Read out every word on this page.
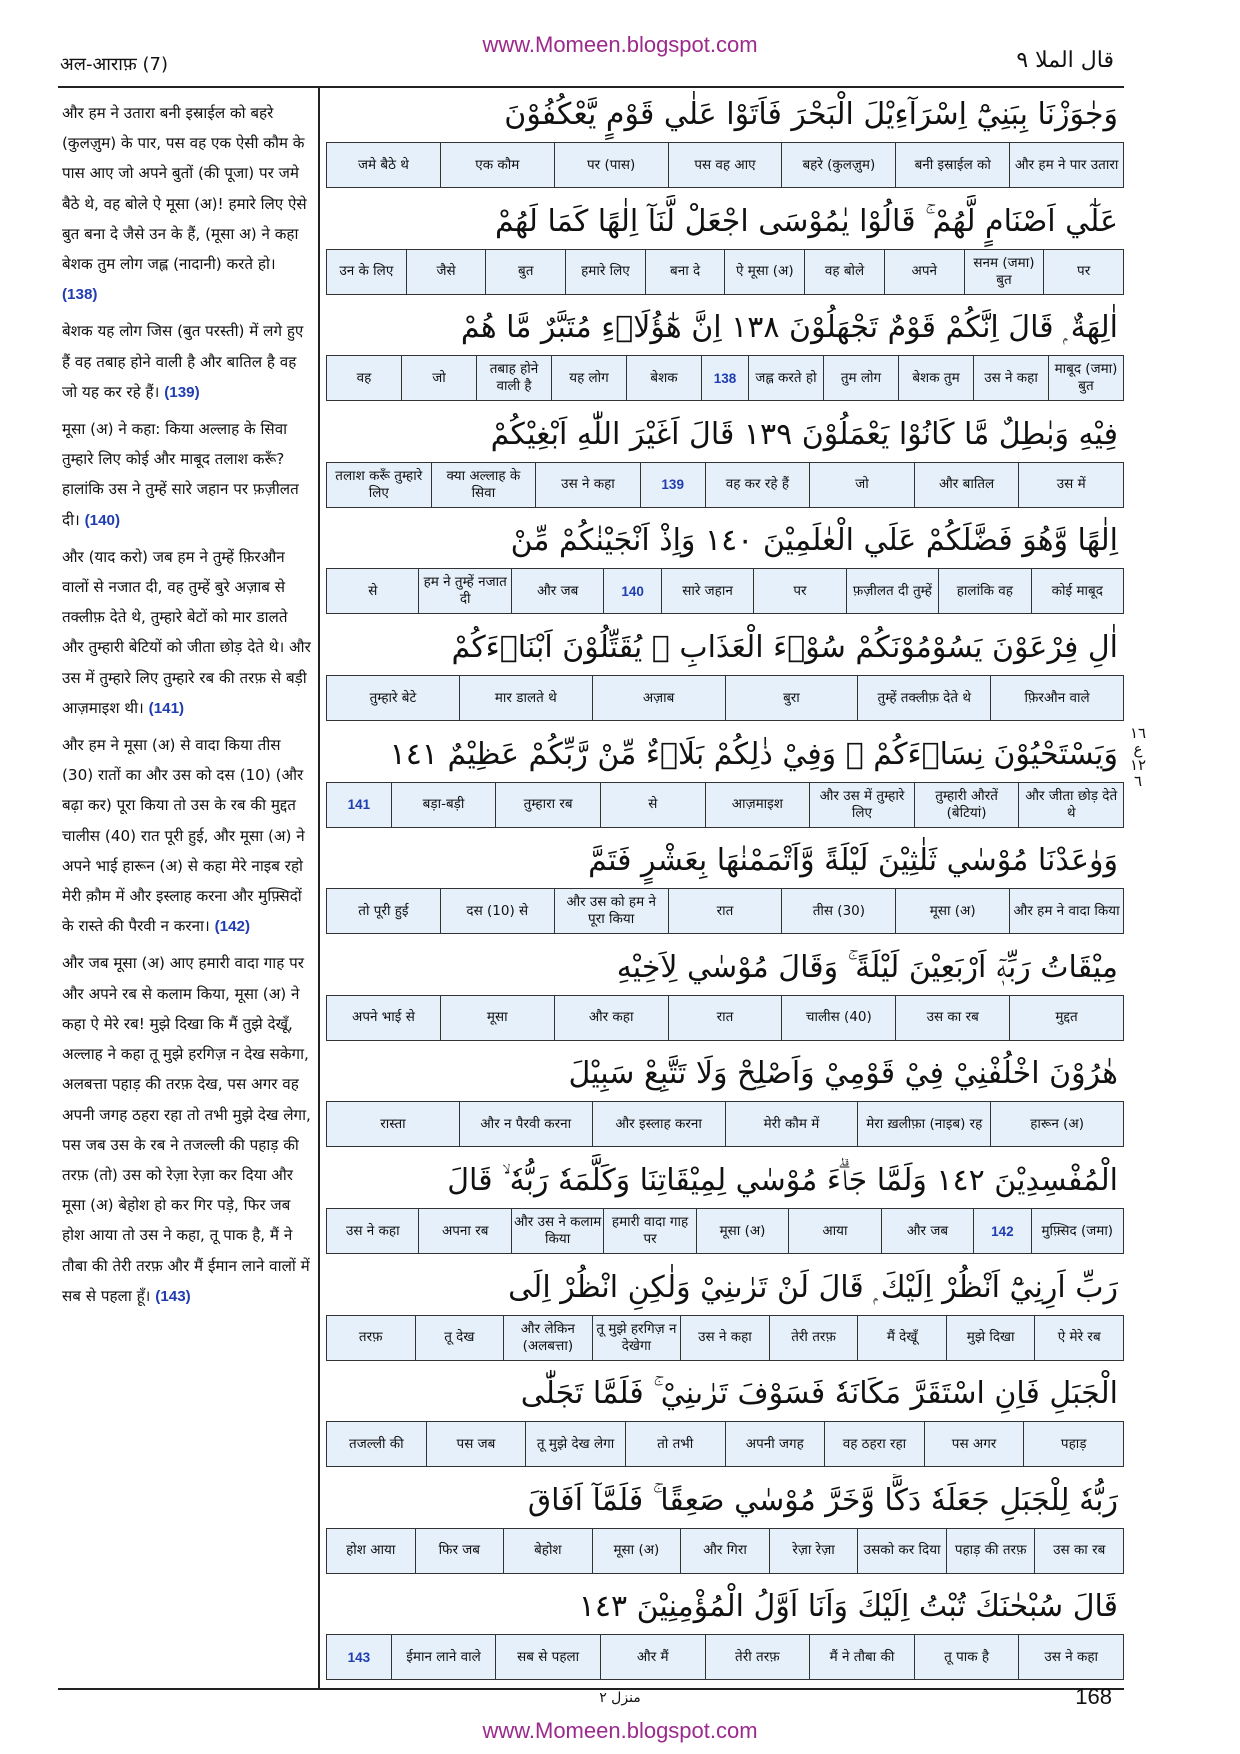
www.Momeen.blogspot.com
अल-आराफ़ (7)	قال الملا ٩

और हम ने उतारा बनी इस्राईल को बहरे (कुलज़ुम) के पार, पस वह एक ऐसी कौम के पास आए जो अपने बुतों (की पूजा) पर जमे बैठे थे, वह बोले ऐ मूसा (अ)! हमारे लिए ऐसे बुत बना दे जैसे उन के हैं, (मूसा अ) ने कहा बेशक तुम लोग जह्ल (नादानी) करते हो। (138)

बेशक यह लोग जिस (बुत परस्ती) में लगे हुए हैं वह तबाह होने वाली है और बातिल है वह जो यह कर रहे हैं। (139)

मूसा (अ) ने कहा: किया अल्लाह के सिवा तुम्हारे लिए कोई और माबूद तलाश करूँ? हालांकि उस ने तुम्हें सारे जहान पर फ़ज़ीलत दी। (140)

और (याद करो) जब हम ने तुम्हें फ़िरऔन वालों से नजात दी, वह तुम्हें बुरे अज़ाब से तक्लीफ़ देते थे, तुम्हारे बेटों को मार डालते और तुम्हारी बेटियों को जीता छोड़ देते थे। और उस में तुम्हारे लिए तुम्हारे रब की तरफ़ से बड़ी आज़माइश थी। (141)

और हम ने मूसा (अ) से वादा किया तीस (30) रातों का और उस को दस (10) (और बढ़ा कर) पूरा किया तो उस के रब की मुद्दत चालीस (40) रात पूरी हुई, और मूसा (अ) ने अपने भाई हारून (अ) से कहा मेरे नाइब रहो मेरी क़ौम में और इस्लाह करना और मुफ़्सिदों के रास्ते की पैरवी न करना। (142)

और जब मूसा (अ) आए हमारी वादा गाह पर और अपने रब से कलाम किया, मूसा (अ) ने कहा ऐ मेरे रब! मुझे दिखा कि मैं तुझे देखूँ, अल्लाह ने कहा तू मुझे हरगिज़ न देख सकेगा, अलबत्ता पहाड़ की तरफ़ देख, पस अगर वह अपनी जगह ठहरा रहा तो तभी मुझे देख लेगा, पस जब उस के रब ने तजल्ली की पहाड़ की तरफ़ (तो) उस को रेज़ा रेज़ा कर दिया और मूसा (अ) बेहोश हो कर गिर पड़े, फिर जब होश आया तो उस ने कहा, तू पाक है, मैं ने तौबा की तेरी तरफ़ और मैं ईमान लाने वालों में सब से पहला हूँ। (143)

وَجٰوَزْنَا بِبَنِيْٓ اِسْرَآءِيْلَ الْبَحْرَ فَاَتَوْا عَلٰي قَوْمٍ يَّعْكُفُوْنَ
और हम ने पार उतारा
बनी इस्राईल को
बहरे (कुलज़ुम)
पस वह आए
पर (पास)
एक कौम
जमे बैठे थे
عَلٰٓي اَصْنَامٍ لَّهُمْ ۚ قَالُوْا يٰمُوْسَى اجْعَلْ لَّنَآ اِلٰهًا كَمَا لَهُمْ
पर
सनम (जमा) बुत
अपने
वह बोले
ऐ मूसा (अ)
बना दे
हमारे लिए
बुत
जैसे
उन के लिए
اٰلِهَةٌ ۭ قَالَ اِنَّكُمْ قَوْمٌ تَجْهَلُوْنَ ١٣٨ اِنَّ هٰٓؤُلَاۗءِ مُتَبَّرٌ مَّا هُمْ
माबूद (जमा) बुत
उस ने कहा
बेशक तुम
तुम लोग
जह्ल करते हो
138
बेशक
यह लोग
तबाह होने वाली है
जो
वह
فِيْهِ وَبٰطِلٌ مَّا كَانُوْا يَعْمَلُوْنَ ١٣٩ قَالَ اَغَيْرَ اللّٰهِ اَبْغِيْكُمْ
उस में
और बातिल
जो
वह कर रहे हैं
139
उस ने कहा
क्या अल्लाह के सिवा
तलाश करूँ तुम्हारे लिए
اِلٰهًا وَّهُوَ فَضَّلَكُمْ عَلَي الْعٰلَمِيْنَ ١٤٠ وَاِذْ اَنْجَيْنٰكُمْ مِّنْ
कोई माबूद
हालांकि वह
फ़ज़ीलत दी तुम्हें
पर
सारे जहान
140
और जब
हम ने तुम्हें नजात दी
से
اٰلِ فِرْعَوْنَ يَسُوْمُوْنَكُمْ سُوْۗءَ الْعَذَابِ ۚ يُقَتِّلُوْنَ اَبْنَاۗءَكُمْ
फ़िरऔन वाले
तुम्हें तक्लीफ़ देते थे
बुरा
अज़ाब
मार डालते थे
तुम्हारे बेटे
وَيَسْتَحْيُوْنَ نِسَاۗءَكُمْ ۭ وَفِيْ ذٰلِكُمْ بَلَاۗءٌ مِّنْ رَّبِّكُمْ عَظِيْمٌ ١٤١
और जीता छोड़ देते थे
तुम्हारी औरतें (बेटियां)
और उस में तुम्हारे लिए
आज़माइश
से
तुम्हारा रब
बड़ा-बड़ी
141
وَوٰعَدْنَا مُوْسٰي ثَلٰثِيْنَ لَيْلَةً وَّاَتْمَمْنٰهَا بِعَشْرٍ فَتَمَّ
और हम ने वादा किया
मूसा (अ)
तीस (30)
रात
और उस को हम ने पूरा किया
दस (10) से
तो पूरी हुई
مِيْقَاتُ رَبِّهٖٓ اَرْبَعِيْنَ لَيْلَةً ۚ وَقَالَ مُوْسٰي لِاَخِيْهِ
मुद्दत
उस का रब
चालीस (40)
रात
और कहा
मूसा
अपने भाई से
هٰرُوْنَ اخْلُفْنِيْ فِيْ قَوْمِيْ وَاَصْلِحْ وَلَا تَتَّبِعْ سَبِيْلَ
हारून (अ)
मेरा ख़लीफ़ा (नाइब) रह
मेरी कौम में
और इस्लाह करना
और न पैरवी करना
रास्ता
الْمُفْسِدِيْنَ ١٤٢ وَلَمَّا جَاۗءَ مُوْسٰي لِمِيْقَاتِنَا وَكَلَّمَهٗ رَبُّهٗ ۙ قَالَ
मुफ़्सिद (जमा)
142
और जब
आया
मूसा (अ)
हमारी वादा गाह पर
और उस ने कलाम किया
अपना रब
उस ने कहा
رَبِّ اَرِنِيْٓ اَنْظُرْ اِلَيْكَ ۭ قَالَ لَنْ تَرٰىنِيْ وَلٰكِنِ انْظُرْ اِلَى
ऐ मेरे रब
मुझे दिखा
मैं देखूँ
तेरी तरफ़
उस ने कहा
तू मुझे हरगिज़ न देखेगा
और लेकिन (अलबत्ता)
तू देख
तरफ़
الْجَبَلِ فَاِنِ اسْتَقَرَّ مَكَانَهٗ فَسَوْفَ تَرٰىنِيْ ۚ فَلَمَّا تَجَلّٰى
पहाड़
पस अगर
वह ठहरा रहा
अपनी जगह
तो तभी
तू मुझे देख लेगा
पस जब
तजल्ली की
رَبُّهٗ لِلْجَبَلِ جَعَلَهٗ دَكًّا وَّخَرَّ مُوْسٰي صَعِقًا ۚ فَلَمَّآ اَفَاقَ
उस का रब
पहाड़ की तरफ़
उसको कर दिया
रेज़ा रेज़ा
और गिरा
मूसा (अ)
बेहोश
फिर जब
होश आया
قَالَ سُبْحٰنَكَ تُبْتُ اِلَيْكَ وَاَنَا اَوَّلُ الْمُؤْمِنِيْنَ ١٤٣
उस ने कहा
तू पाक है
मैं ने तौबा की
तेरी तरफ़
और मैं
सब से पहला
ईमान लाने वाले
143
١٦
ع
١٢
٦
منزل ٢	168
www.Momeen.blogspot.com
